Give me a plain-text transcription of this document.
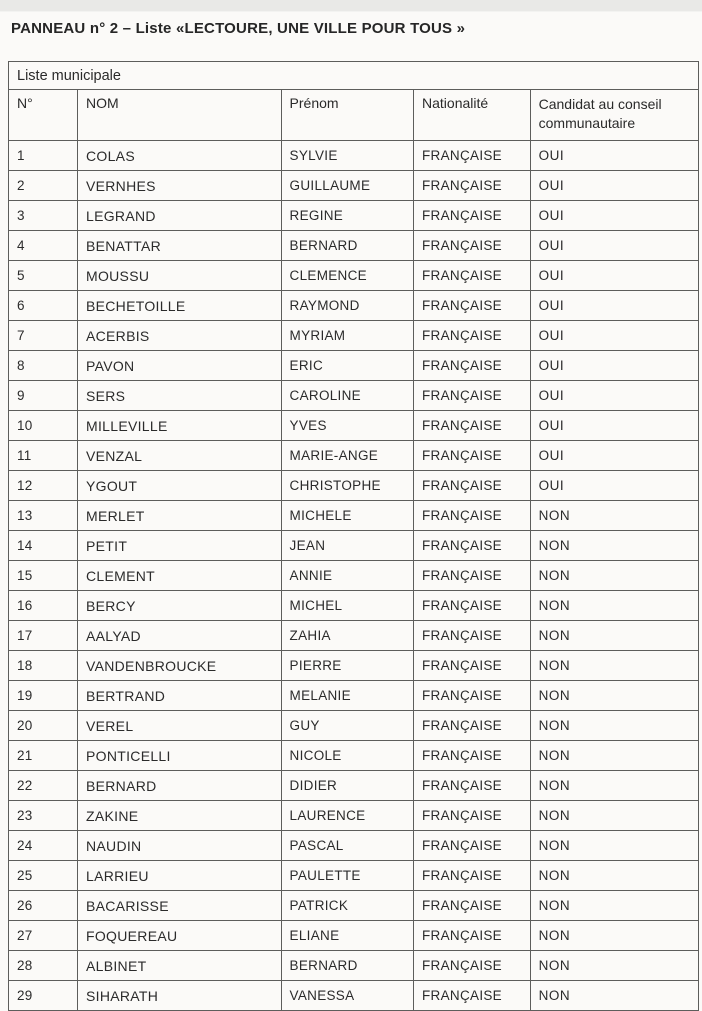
PANNEAU n° 2 – Liste «LECTOURE, UNE VILLE POUR TOUS »
Liste municipale				
N°	NOM	Prénom	Nationalité	Candidat au conseil communautaire
1	COLAS	SYLVIE	FRANÇAISE	OUI
2	VERNHES	GUILLAUME	FRANÇAISE	OUI
3	LEGRAND	REGINE	FRANÇAISE	OUI
4	BENATTAR	BERNARD	FRANÇAISE	OUI
5	MOUSSU	CLEMENCE	FRANÇAISE	OUI
6	BECHETOILLE	RAYMOND	FRANÇAISE	OUI
7	ACERBIS	MYRIAM	FRANÇAISE	OUI
8	PAVON	ERIC	FRANÇAISE	OUI
9	SERS	CAROLINE	FRANÇAISE	OUI
10	MILLEVILLE	YVES	FRANÇAISE	OUI
11	VENZAL	MARIE-ANGE	FRANÇAISE	OUI
12	YGOUT	CHRISTOPHE	FRANÇAISE	OUI
13	MERLET	MICHELE	FRANÇAISE	NON
14	PETIT	JEAN	FRANÇAISE	NON
15	CLEMENT	ANNIE	FRANÇAISE	NON
16	BERCY	MICHEL	FRANÇAISE	NON
17	AALYAD	ZAHIA	FRANÇAISE	NON
18	VANDENBROUCKE	PIERRE	FRANÇAISE	NON
19	BERTRAND	MELANIE	FRANÇAISE	NON
20	VEREL	GUY	FRANÇAISE	NON
21	PONTICELLI	NICOLE	FRANÇAISE	NON
22	BERNARD	DIDIER	FRANÇAISE	NON
23	ZAKINE	LAURENCE	FRANÇAISE	NON
24	NAUDIN	PASCAL	FRANÇAISE	NON
25	LARRIEU	PAULETTE	FRANÇAISE	NON
26	BACARISSE	PATRICK	FRANÇAISE	NON
27	FOQUEREAU	ELIANE	FRANÇAISE	NON
28	ALBINET	BERNARD	FRANÇAISE	NON
29	SIHARATH	VANESSA	FRANÇAISE	NON
